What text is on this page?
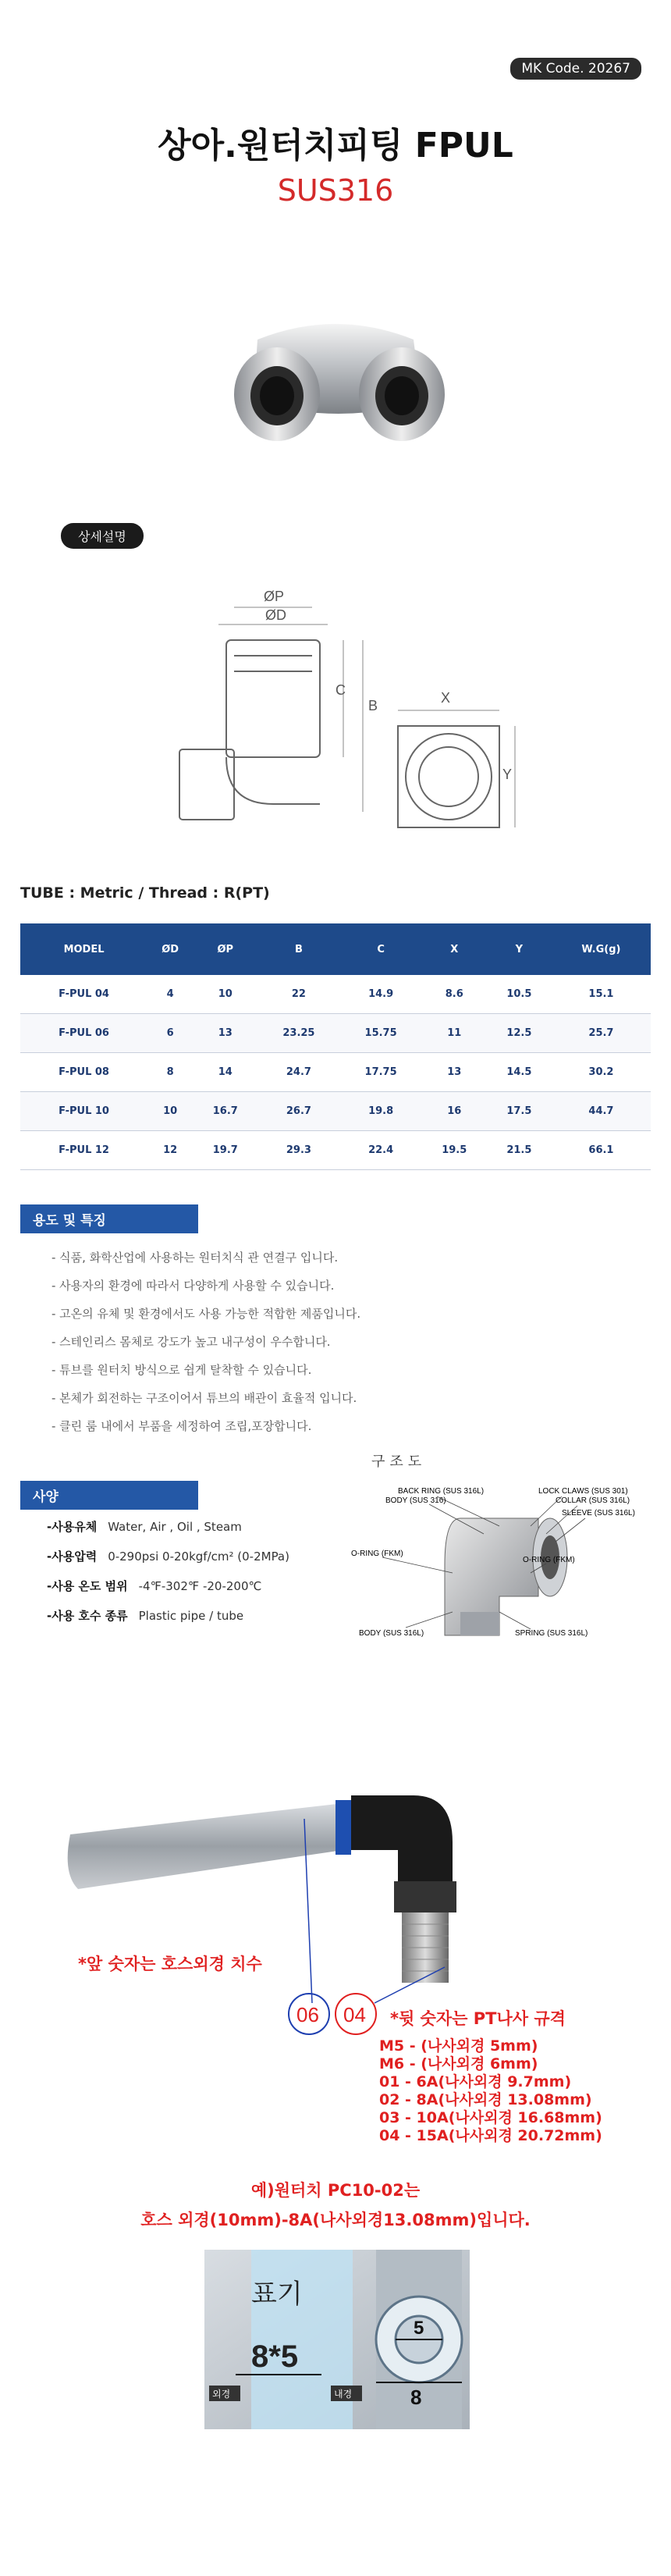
MK Code. 20267
상아.원터치피팅 FPUL
SUS316
상세설명
ØP
ØD
C
B	X
Y
TUBE : Metric / Thread : R(PT)
MODEL	ØD	ØP	B	C	X	Y	W.G(g)
F-PUL 04	4	10	22	14.9	8.6	10.5	15.1
F-PUL 06	6	13	23.25	15.75	11	12.5	25.7
F-PUL 08	8	14	24.7	17.75	13	14.5	30.2
F-PUL 10	10	16.7	26.7	19.8	16	17.5	44.7
F-PUL 12	12	19.7	29.3	22.4	19.5	21.5	66.1
용도 및 특징
- 식품, 화학산업에 사용하는 원터치식 관 연결구 입니다.
- 사용자의 환경에 따라서 다양하게 사용할 수 있습니다.
- 고온의 유체 및 환경에서도 사용 가능한 적합한 제품입니다.
- 스테인리스 몸체로 강도가 높고 내구성이 우수합니다.
- 튜브를 원터치 방식으로 쉽게 탈착할 수 있습니다.
- 본체가 회전하는 구조이어서 튜브의 배관이 효율적 입니다.
- 클린 룸 내에서 부품을 세정하여 조립,포장합니다.
사양
-사용유체 Water, Air , Oil , Steam
-사용압력 0-290psi 0-20kgf/cm² (0-2MPa)
-사용 온도 범위 -4℉-302℉ -20-200℃
-사용 호수 종류 Plastic pipe / tube
구조도
BACK RING (SUS 316L)
BODY (SUS 316)
LOCK CLAWS (SUS 301)
COLLAR (SUS 316L)
SLEEVE (SUS 316L)
O-RING (FKM)
O-RING (FKM)
BODY (SUS 316L)	SPRING (SUS 316L)
*앞 숫자는 호스외경 치수
06 04 *뒷 숫자는 PT나사 규격
M5 - (나사외경 5mm)
M6 - (나사외경 6mm)
01 - 6A(나사외경 9.7mm)
02 - 8A(나사외경 13.08mm)
03 - 10A(나사외경 16.68mm)
04 - 15A(나사외경 20.72mm)
예)원터치 PC10-02는
호스 외경(10mm)-8A(나사외경13.08mm)입니다.
5
8
표기
8*5
외경	내경
